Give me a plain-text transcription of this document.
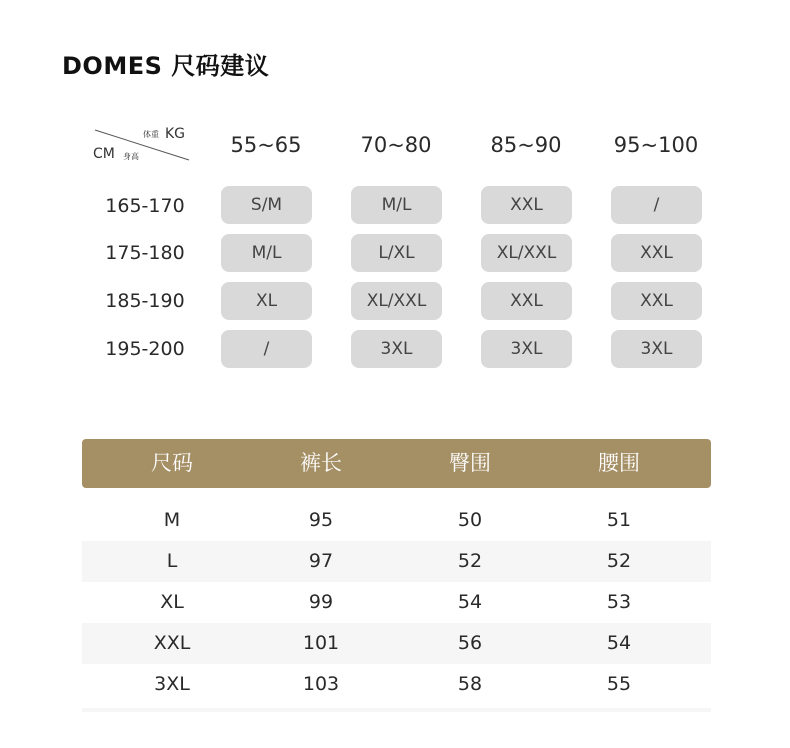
DOMES 尺码建议
体重 KG
CM 身高	55~65	70~80	85~90	95~100
165-170	S/M	M/L	XXL	/
175-180	M/L	L/XL	XL/XXL	XXL
185-190	XL	XL/XXL	XXL	XXL
195-200	/	3XL	3XL	3XL
尺码	裤长	臀围	腰围
M	95	50	51
L	97	52	52
XL	99	54	53
XXL	101	56	54
3XL	103	58	55
